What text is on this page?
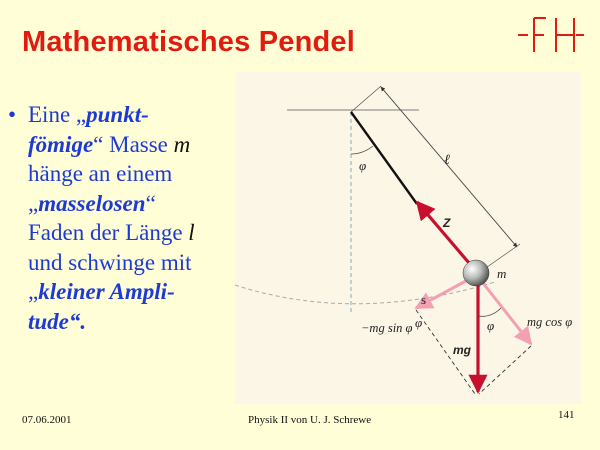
Mathematisches Pendel
• Eine „punkt-
fömige“ Masse m
hänge an einem
„masselosen“
Faden der Länge l
und schwinge mit
„kleiner Ampli-
tude“.
ℓ
φ
Z
m
s
−mg sin φ	mg cos φ
φ	φ
mg
07.06.2001	Physik II von U. J. Schrewe	141
